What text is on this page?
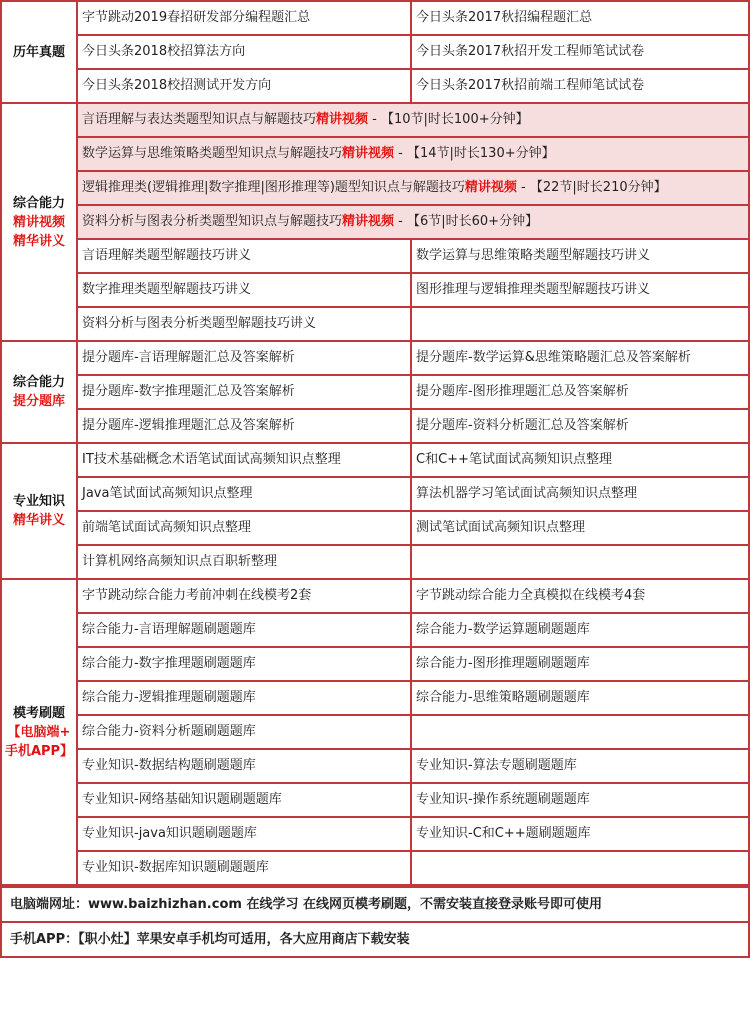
历年真题	字节跳动2019春招研发部分编程题汇总	今日头条2017秋招编程题汇总
	今日头条2018校招算法方向	今日头条2017秋招开发工程师笔试试卷
	今日头条2018校招测试开发方向	今日头条2017秋招前端工程师笔试试卷

综合能力
精讲视频
精华讲义	言语理解与表达类题型知识点与解题技巧精讲视频 - 【10节|时长100+分钟】	
	数学运算与思维策略类题型知识点与解题技巧精讲视频 - 【14节|时长130+分钟】	
	逻辑推理类(逻辑推理|数字推理|图形推理等)题型知识点与解题技巧精讲视频 - 【22节|时长210分钟】	
	资料分析与图表分析类题型知识点与解题技巧精讲视频 - 【6节|时长60+分钟】	
	言语理解类题型解题技巧讲义	数学运算与思维策略类题型解题技巧讲义
	数字推理类题型解题技巧讲义	图形推理与逻辑推理类题型解题技巧讲义
	资料分析与图表分析类题型解题技巧讲义	

综合能力
提分题库	提分题库-言语理解题汇总及答案解析	提分题库-数学运算&思维策略题汇总及答案解析
	提分题库-数字推理题汇总及答案解析	提分题库-图形推理题汇总及答案解析
	提分题库-逻辑推理题汇总及答案解析	提分题库-资料分析题汇总及答案解析

专业知识
精华讲义	IT技术基础概念术语笔试面试高频知识点整理	C和C++笔试面试高频知识点整理
	Java笔试面试高频知识点整理	算法机器学习笔试面试高频知识点整理
	前端笔试面试高频知识点整理	测试笔试面试高频知识点整理
	计算机网络高频知识点百职斩整理	

模考刷题
【电脑端+
手机APP】	字节跳动综合能力考前冲刺在线模考2套	字节跳动综合能力全真模拟在线模考4套
	综合能力-言语理解题刷题题库	综合能力-数学运算题刷题题库
	综合能力-数字推理题刷题题库	综合能力-图形推理题刷题题库
	综合能力-逻辑推理题刷题题库	综合能力-思维策略题刷题题库
	综合能力-资料分析题刷题题库	
	专业知识-数据结构题刷题题库	专业知识-算法专题刷题题库
	专业知识-网络基础知识题刷题题库	专业知识-操作系统题刷题题库
	专业知识-java知识题刷题题库	专业知识-C和C++题刷题题库
	专业知识-数据库知识题刷题题库	
电脑端网址：www.baizhizhan.com 在线学习 在线网页模考刷题，不需安装直接登录账号即可使用
手机APP：【职小灶】苹果安卓手机均可适用，各大应用商店下载安装
